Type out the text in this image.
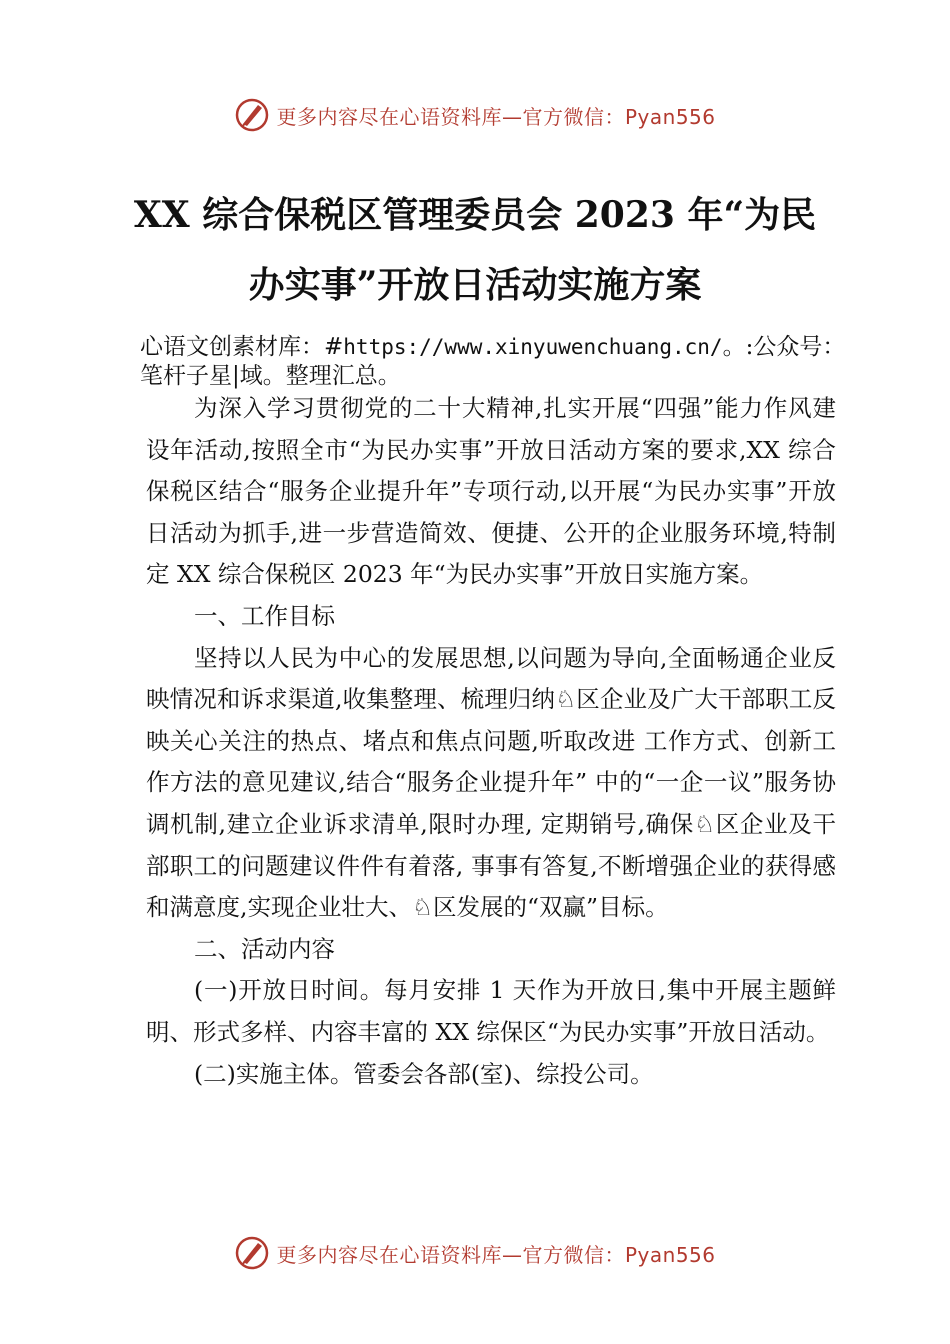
更多内容尽在心语资料库—官方微信：Pyan556
XX 综合保税区管理委员会 2023 年“为民
办实事”开放日活动实施方案
心语文创素材库：#https://www.xinyuwenchuang.cn/。:公众号：笔杆子星|域。整理汇总。

为深入学习贯彻党的二十大精神,扎实开展“四强”能力作风建设年活动,按照全市“为民办实事”开放日活动方案的要求,XX 综合保税区结合“服务企业提升年”专项行动,以开展“为民办实事”开放日活动为抓手,进一步营造简效、便捷、公开的企业服务环境,特制定 XX 综合保税区 2023 年“为民办实事”开放日实施方案。

一、工作目标

坚持以人民为中心的发展思想,以问题为导向,全面畅通企业反映情况和诉求渠道,收集整理、梳理归纳♘区企业及广大干部职工反映关心关注的热点、堵点和焦点问题,听取改进 工作方式、创新工作方法的意见建议,结合“服务企业提升年” 中的“一企一议”服务协调机制,建立企业诉求清单,限时办理, 定期销号,确保♘区企业及干部职工的问题建议件件有着落, 事事有答复,不断增强企业的获得感和满意度,实现企业壮大、♘区发展的“双赢”目标。

二、活动内容

(一)开放日时间。每月安排 1 天作为开放日,集中开展主题鲜明、形式多样、内容丰富的 XX 综保区“为民办实事”开放日活动。

(二)实施主体。管委会各部(室)、综投公司。

更多内容尽在心语资料库—官方微信：Pyan556
